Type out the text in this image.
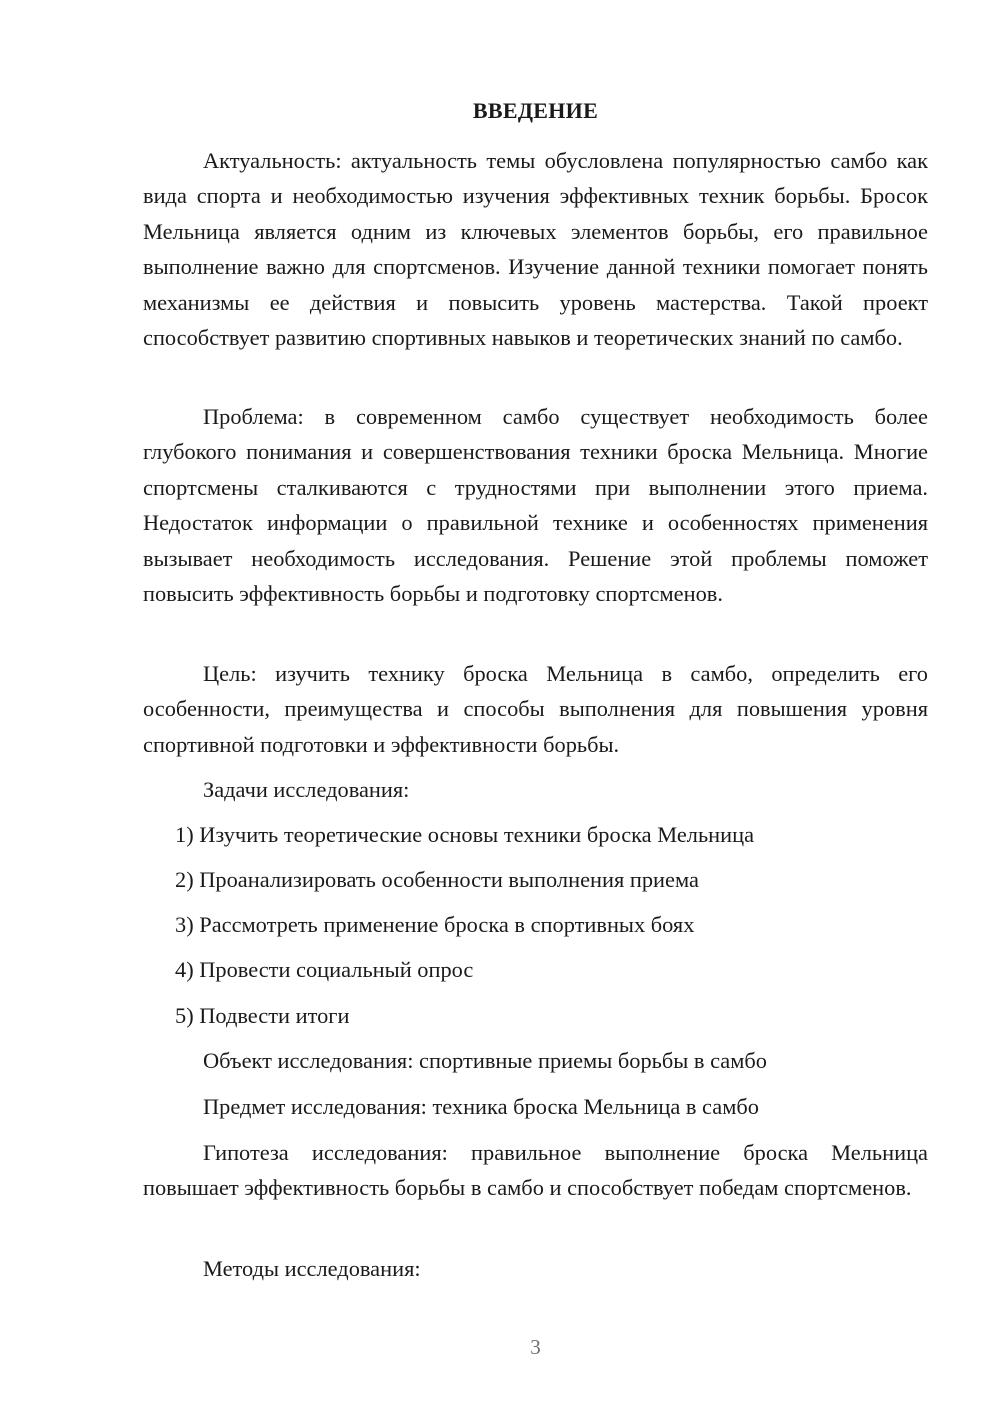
ВВЕДЕНИЕ

Актуальность: актуальность темы обусловлена популярностью самбо как вида спорта и необходимостью изучения эффективных техник борьбы. Бросок Мельница является одним из ключевых элементов борьбы, его правильное выполнение важно для спортсменов. Изучение данной техники помогает понять механизмы ее действия и повысить уровень мастерства. Такой проект способствует развитию спортивных навыков и теоретических знаний по самбо.

Проблема: в современном самбо существует необходимость более глубокого понимания и совершенствования техники броска Мельница. Многие спортсмены сталкиваются с трудностями при выполнении этого приема. Недостаток информации о правильной технике и особенностях применения вызывает необходимость исследования. Решение этой проблемы поможет повысить эффективность борьбы и подготовку спортсменов.

Цель: изучить технику броска Мельница в самбо, определить его особенности, преимущества и способы выполнения для повышения уровня спортивной подготовки и эффективности борьбы.

Задачи исследования:

1) Изучить теоретические основы техники броска Мельница

2) Проанализировать особенности выполнения приема

3) Рассмотреть применение броска в спортивных боях

4) Провести социальный опрос

5) Подвести итоги

Объект исследования: спортивные приемы борьбы в самбо

Предмет исследования: техника броска Мельница в самбо

Гипотеза исследования: правильное выполнение броска Мельница повышает эффективность борьбы в самбо и способствует победам спортсменов.

Методы исследования:

3
